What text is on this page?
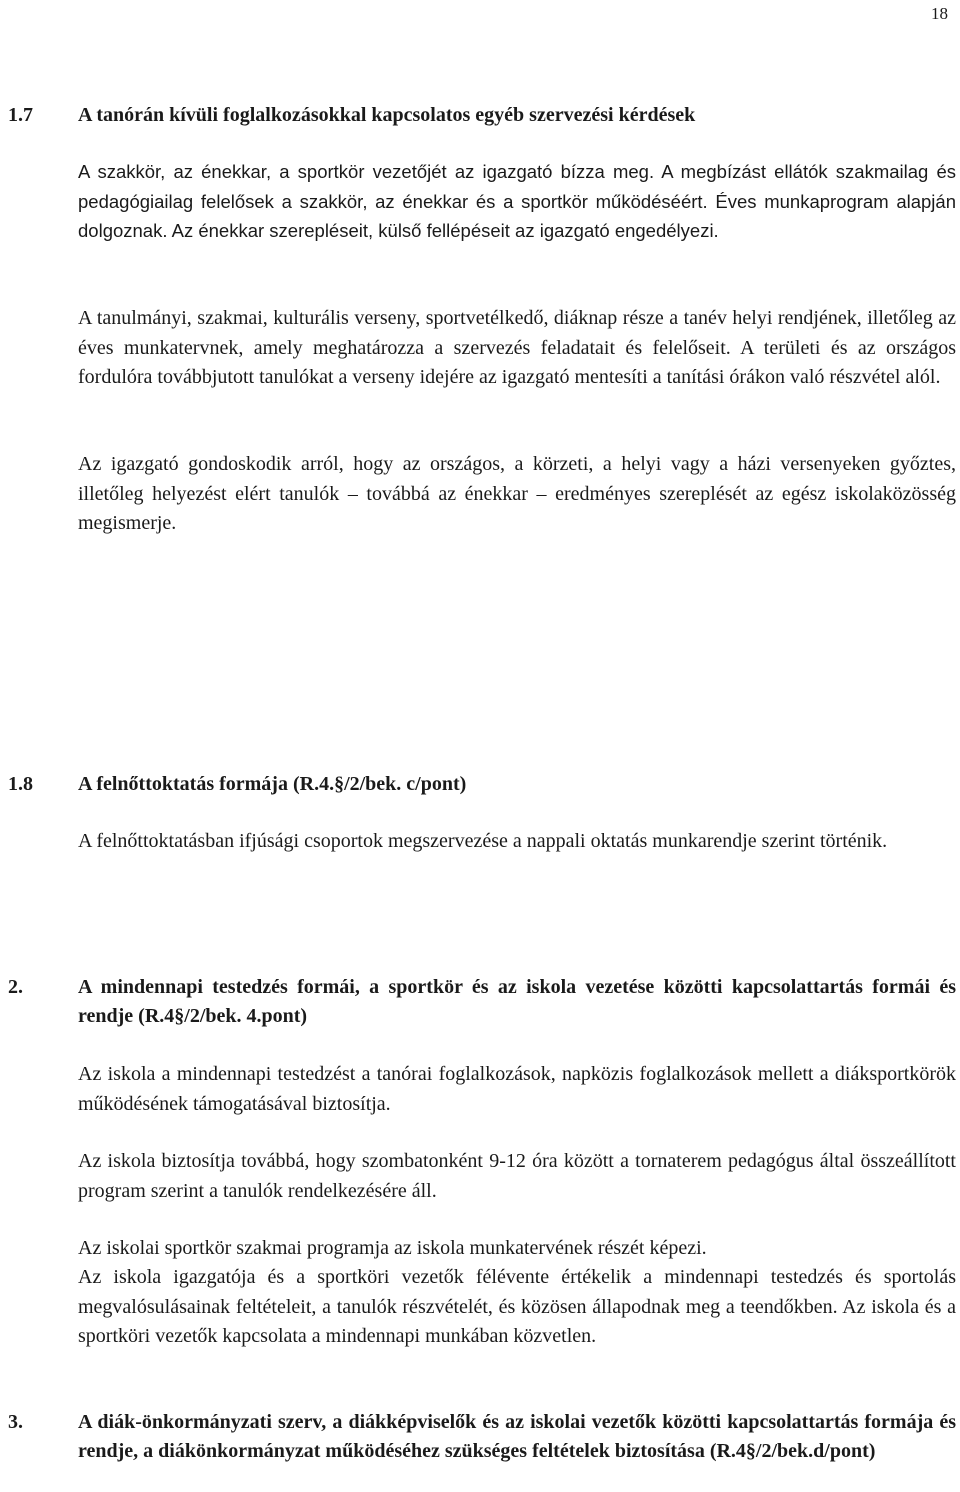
18
1.7 A tanórán kívüli foglalkozásokkal kapcsolatos egyéb szervezési kérdések
A szakkör, az énekkar, a sportkör vezetőjét az igazgató bízza meg. A megbízást ellátók szakmailag és pedagógiailag felelősek a szakkör, az énekkar és a sportkör működéséért. Éves munkaprogram alapján dolgoznak. Az énekkar szerepléseit, külső fellépéseit az igazgató engedélyezi.
A tanulmányi, szakmai, kulturális verseny, sportvetélkedő, diáknap része a tanév helyi rendjének, illetőleg az éves munkatervnek, amely meghatározza a szervezés feladatait és felelőseit. A területi és az országos fordulóra továbbjutott tanulókat a verseny idejére az igazgató mentesíti a tanítási órákon való részvétel alól.
Az igazgató gondoskodik arról, hogy az országos, a körzeti, a helyi vagy a házi versenyeken győztes, illetőleg helyezést elért tanulók – továbbá az énekkar – eredményes szereplését az egész iskolaközösség megismerje.
1.8 A felnőttoktatás formája (R.4.§/2/bek. c/pont)
A felnőttoktatásban ifjúsági csoportok megszervezése a nappali oktatás munkarendje szerint történik.
2.	A mindennapi testedzés formái, a sportkör és az iskola vezetése közötti kapcsolattartás formái és rendje (R.4§/2/bek. 4.pont)
Az iskola a mindennapi testedzést a tanórai foglalkozások, napközis foglalkozások mellett a diáksportkörök működésének támogatásával biztosítja.
Az iskola biztosítja továbbá, hogy szombatonként 9-12 óra között a tornaterem pedagógus által összeállított program szerint a tanulók rendelkezésére áll.
Az iskolai sportkör szakmai programja az iskola munkatervének részét képezi.
Az iskola igazgatója és a sportköri vezetők félévente értékelik a mindennapi testedzés és sportolás megvalósulásainak feltételeit, a tanulók részvételét, és közösen állapodnak meg a teendőkben. Az iskola és a sportköri vezetők kapcsolata a mindennapi munkában közvetlen.
3.	A diák-önkormányzati szerv, a diákképviselők és az iskolai vezetők közötti kapcsolattartás formája és rendje, a diákönkormányzat működéséhez szükséges feltételek biztosítása (R.4§/2/bek.d/pont)
